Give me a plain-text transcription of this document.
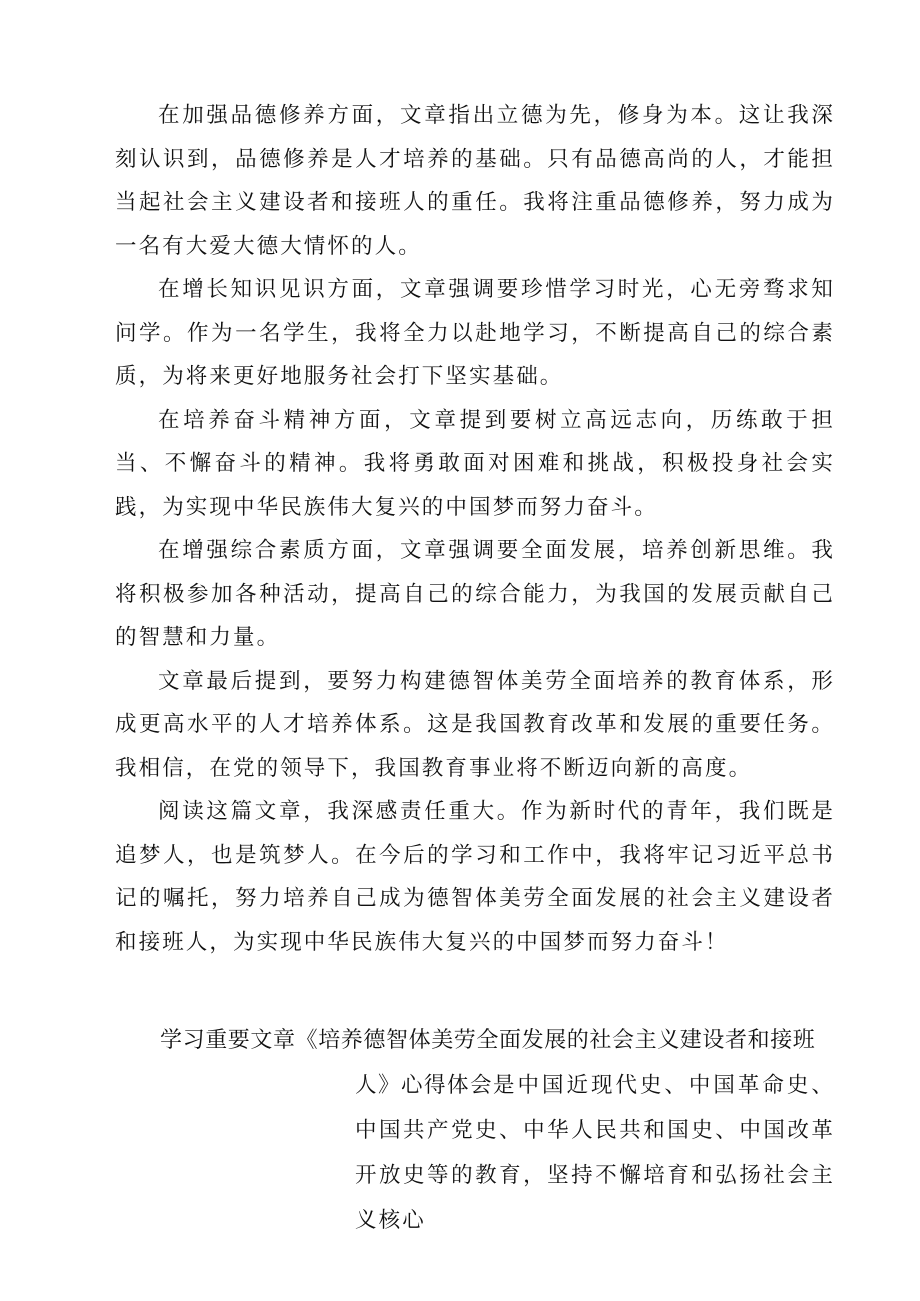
在加强品德修养方面，文章指出立德为先，修身为本。这让我深刻认识到，品德修养是人才培养的基础。只有品德高尚的人，才能担当起社会主义建设者和接班人的重任。我将注重品德修养，努力成为一名有大爱大德大情怀的人。

在增长知识见识方面，文章强调要珍惜学习时光，心无旁骛求知问学。作为一名学生，我将全力以赴地学习，不断提高自己的综合素质，为将来更好地服务社会打下坚实基础。

在培养奋斗精神方面，文章提到要树立高远志向，历练敢于担当、不懈奋斗的精神。我将勇敢面对困难和挑战，积极投身社会实践，为实现中华民族伟大复兴的中国梦而努力奋斗。

在增强综合素质方面，文章强调要全面发展，培养创新思维。我将积极参加各种活动，提高自己的综合能力，为我国的发展贡献自己的智慧和力量。

文章最后提到，要努力构建德智体美劳全面培养的教育体系，形成更高水平的人才培养体系。这是我国教育改革和发展的重要任务。我相信，在党的领导下，我国教育事业将不断迈向新的高度。

阅读这篇文章，我深感责任重大。作为新时代的青年，我们既是追梦人，也是筑梦人。在今后的学习和工作中，我将牢记习近平总书记的嘱托，努力培养自己成为德智体美劳全面发展的社会主义建设者和接班人，为实现中华民族伟大复兴的中国梦而努力奋斗！

学习重要文章《培养德智体美劳全面发展的社会主义建设者和接班

人》心得体会是中国近现代史、中国革命史、中国共产党史、中华人民共和国史、中国改革开放史等的教育，坚持不懈培育和弘扬社会主义核心
